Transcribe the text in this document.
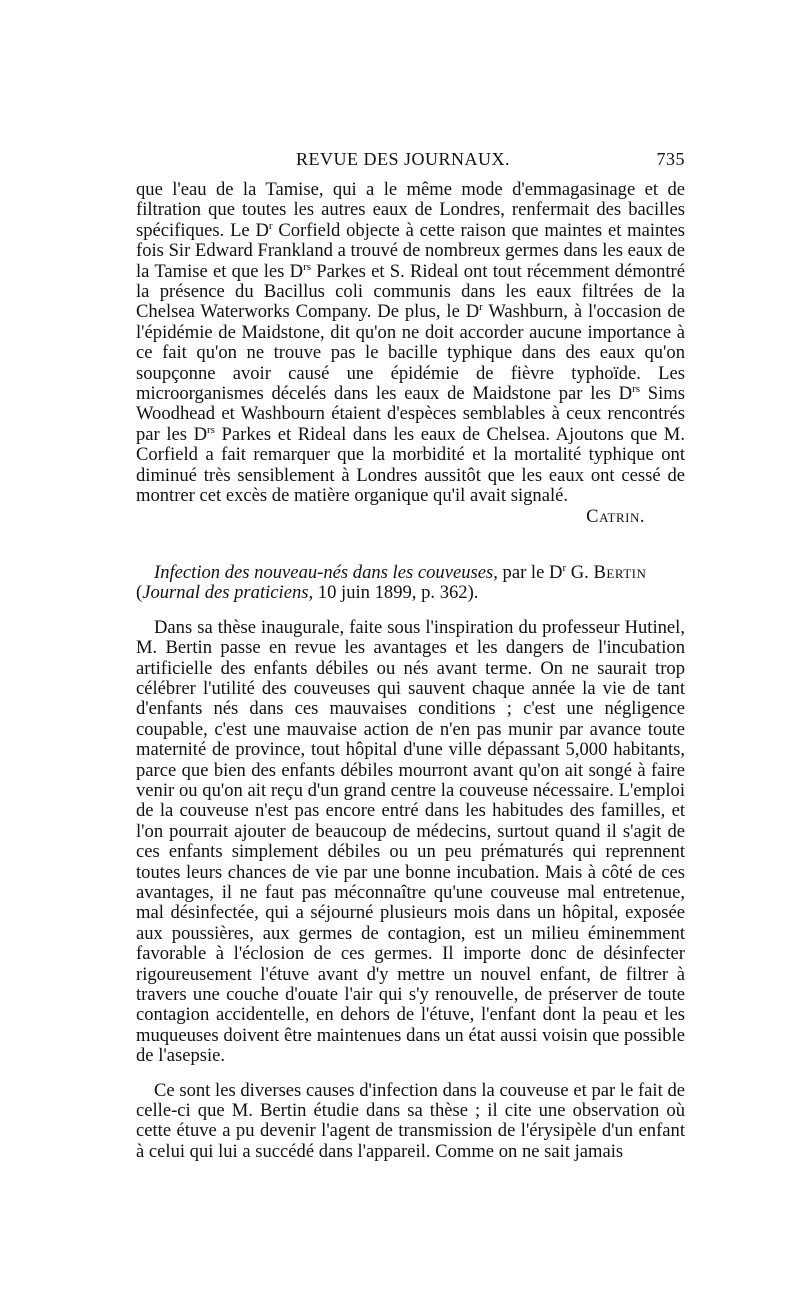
REVUE DES JOURNAUX.	735

que l'eau de la Tamise, qui a le même mode d'emmagasinage et de filtration que toutes les autres eaux de Londres, renfermait des bacilles spécifiques. Le $D^r$ Corfield objecte à cette raison que maintes et maintes fois Sir Edward Frankland a trouvé de nombreux germes dans les eaux de la Tamise et que les $D^{rs}$ Parkes et S. Rideal ont tout récemment démontré la présence du Bacillus coli communis dans les eaux filtrées de la Chelsea Waterworks Company. De plus, le $D^r$ Washburn, à l'occasion de l'épidémie de Maidstone, dit qu'on ne doit accorder aucune importance à ce fait qu'on ne trouve pas le bacille typhique dans des eaux qu'on soupçonne avoir causé une épidémie de fièvre typhoïde. Les microorganismes décelés dans les eaux de Maidstone par les $D^{rs}$ Sims Woodhead et Washbourn étaient d'espèces semblables à ceux rencontrés par les $D^{rs}$ Parkes et Rideal dans les eaux de Chelsea. Ajoutons que M. Corfield a fait remarquer que la morbidité et la mortalité typhique ont diminué très sensiblement à Londres aussitôt que les eaux ont cessé de montrer cet excès de matière organique qu'il avait signalé.

Catrin.

Infection des nouveau-nés dans les couveuses, par le $D^r$ G. Bertin
(Journal des praticiens, 10 juin 1899, p. 362).

Dans sa thèse inaugurale, faite sous l'inspiration du professeur Hutinel, M. Bertin passe en revue les avantages et les dangers de l'incubation artificielle des enfants débiles ou nés avant terme. On ne saurait trop célébrer l'utilité des couveuses qui sauvent chaque année la vie de tant d'enfants nés dans ces mauvaises conditions ; c'est une négligence coupable, c'est une mauvaise action de n'en pas munir par avance toute maternité de province, tout hôpital d'une ville dépassant 5,000 habitants, parce que bien des enfants débiles mourront avant qu'on ait songé à faire venir ou qu'on ait reçu d'un grand centre la couveuse nécessaire. L'emploi de la couveuse n'est pas encore entré dans les habitudes des familles, et l'on pourrait ajouter de beaucoup de médecins, surtout quand il s'agit de ces enfants simplement débiles ou un peu prématurés qui reprennent toutes leurs chances de vie par une bonne incubation. Mais à côté de ces avantages, il ne faut pas méconnaître qu'une couveuse mal entretenue, mal désinfectée, qui a séjourné plusieurs mois dans un hôpital, exposée aux poussières, aux germes de contagion, est un milieu éminemment favorable à l'éclosion de ces germes. Il importe donc de désinfecter rigoureusement l'étuve avant d'y mettre un nouvel enfant, de filtrer à travers une couche d'ouate l'air qui s'y renouvelle, de préserver de toute contagion accidentelle, en dehors de l'étuve, l'enfant dont la peau et les muqueuses doivent être maintenues dans un état aussi voisin que possible de l'asepsie.

Ce sont les diverses causes d'infection dans la couveuse et par le fait de celle-ci que M. Bertin étudie dans sa thèse ; il cite une observation où cette étuve a pu devenir l'agent de transmission de l'érysipèle d'un enfant à celui qui lui a succédé dans l'appareil. Comme on ne sait jamais
